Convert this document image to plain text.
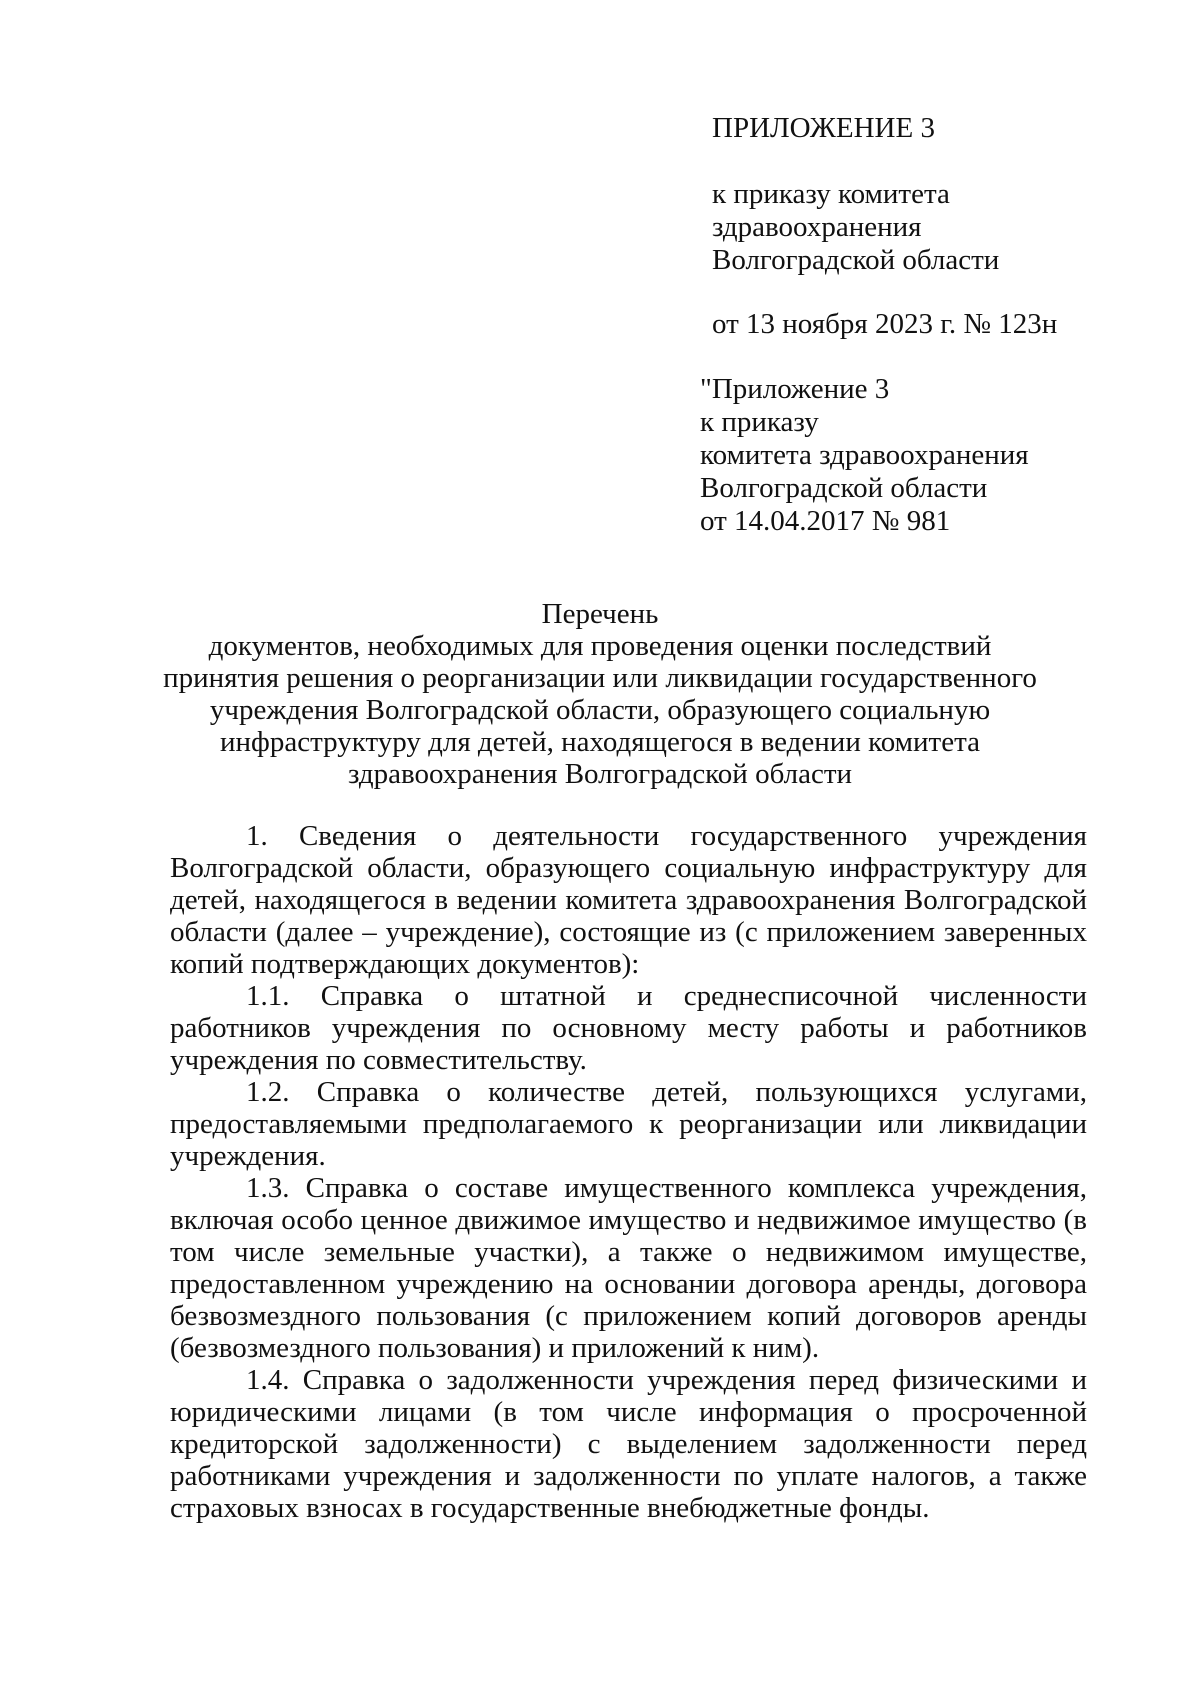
ПРИЛОЖЕНИЕ 3
к приказу комитета
здравоохранения
Волгоградской области
от 13 ноября 2023 г. № 123н
"Приложение 3
к приказу
комитета здравоохранения
Волгоградской области
от 14.04.2017 № 981
Перечень
документов, необходимых для проведения оценки последствий
принятия решения о реорганизации или ликвидации государственного
учреждения Волгоградской области, образующего социальную
инфраструктуру для детей, находящегося в ведении комитета
здравоохранения Волгоградской области

1. Сведения о деятельности государственного учреждения Волгоградской области, образующего социальную инфраструктуру для детей, находящегося в ведении комитета здравоохранения Волгоградской области (далее – учреждение), состоящие из (с приложением заверенных копий подтверждающих документов):

1.1. Справка о штатной и среднесписочной численности работников учреждения по основному месту работы и работников учреждения по совместительству.

1.2. Справка о количестве детей, пользующихся услугами, предоставляемыми предполагаемого к реорганизации или ликвидации учреждения.

1.3. Справка о составе имущественного комплекса учреждения, включая особо ценное движимое имущество и недвижимое имущество (в том числе земельные участки), а также о недвижимом имуществе, предоставленном учреждению на основании договора аренды, договора безвозмездного пользования (с приложением копий договоров аренды (безвозмездного пользования) и приложений к ним).

1.4. Справка о задолженности учреждения перед физическими и юридическими лицами (в том числе информация о просроченной кредиторской задолженности) с выделением задолженности перед работниками учреждения и задолженности по уплате налогов, а также страховых взносах в государственные внебюджетные фонды.
